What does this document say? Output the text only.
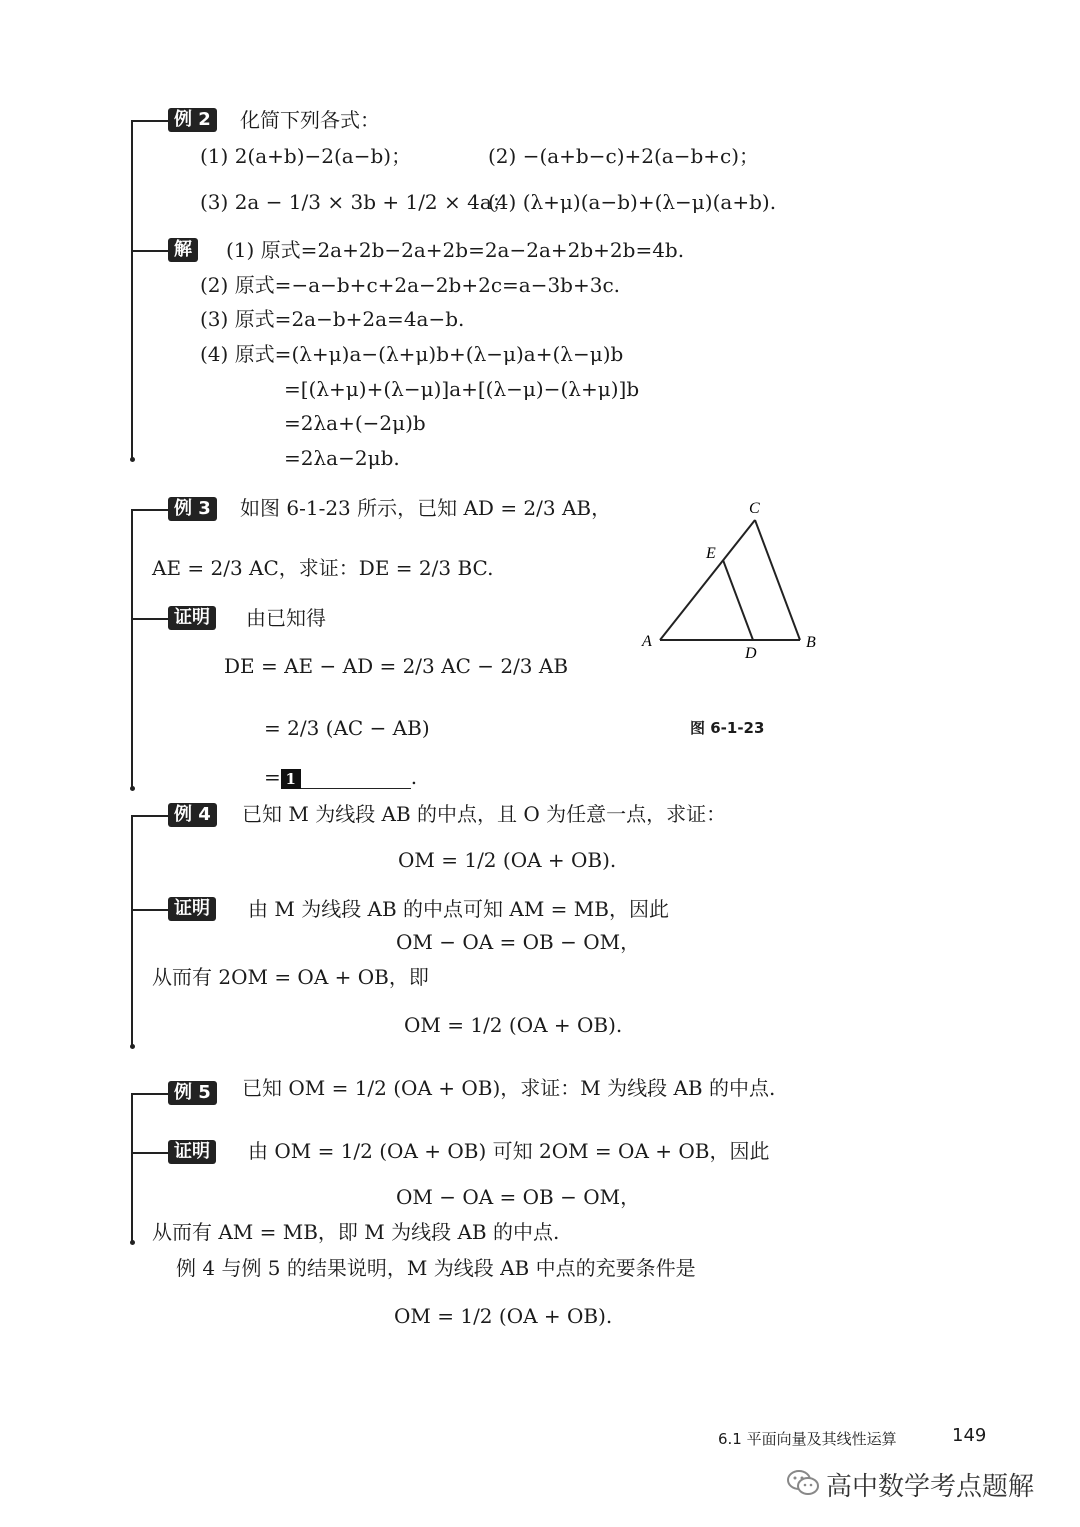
例 2	化简下列各式：
(1) 2(a+b)−2(a−b)；	(2) −(a+b−c)+2(a−b+c)；
(3) 2a − 1/3 × 3b + 1/2 × 4a；
(4) (λ+μ)(a−b)+(λ−μ)(a+b).
解	(1) 原式=2a+2b−2a+2b=2a−2a+2b+2b=4b.
(2) 原式=−a−b+c+2a−2b+2c=a−3b+3c.
(3) 原式=2a−b+2a=4a−b.
(4) 原式=(λ+μ)a−(λ+μ)b+(λ−μ)a+(λ−μ)b
=[(λ+μ)+(λ−μ)]a+[(λ−μ)−(λ+μ)]b
=2λa+(−2μ)b
=2λa−2μb.
例 3	如图 6-1-23 所示，已知 AD = 2/3 AB，
AE = 2/3 AC，求证：DE = 2/3 BC.
证明	由已知得
DE = AE − AD = 2/3 AC − 2/3 AB
= 2/3 (AC − AB)
= 1	.
A	B
C
D
E
图 6-1-23
例 4	已知 M 为线段 AB 的中点，且 O 为任意一点，求证：
OM = 1/2 (OA + OB).
证明	由 M 为线段 AB 的中点可知 AM = MB，因此
OM − OA = OB − OM，
从而有 2OM = OA + OB，即
OM = 1/2 (OA + OB).
例 5	已知 OM = 1/2 (OA + OB)，求证：M 为线段 AB 的中点.
证明	由 OM = 1/2 (OA + OB) 可知 2OM = OA + OB，因此
OM − OA = OB − OM，
从而有 AM = MB，即 M 为线段 AB 的中点.
例 4 与例 5 的结果说明，M 为线段 AB 中点的充要条件是
OM = 1/2 (OA + OB).
6.1 平面向量及其线性运算	149
高中数学考点题解
